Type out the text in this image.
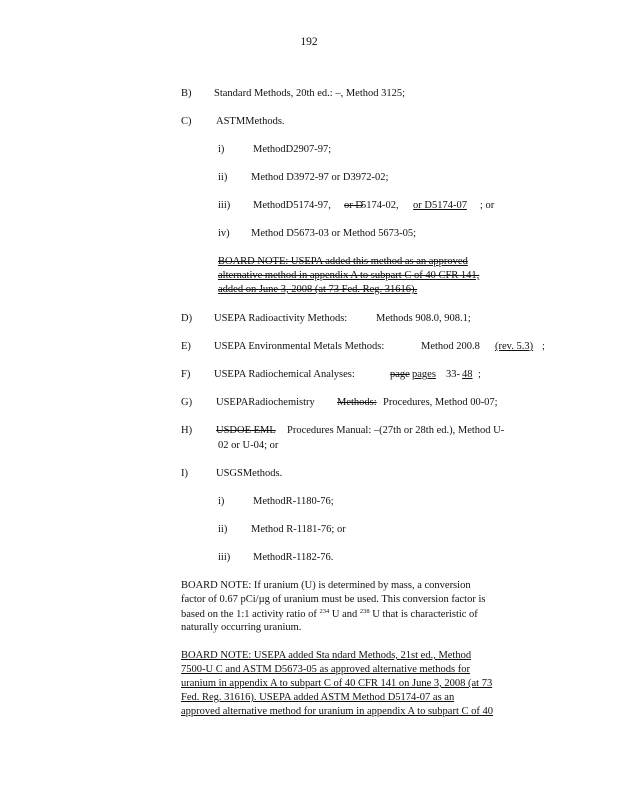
192
B) Standard Methods, 20th ed.: –, Method 3125;
C) ASTMMethods.
i)	MethodD2907-97;
ii) Method D3972-97 or D3972-02;
iii) MethodD5174-97, or D
5174-02, or D5174-07 ; or
iv) Method D5673-03 or Method 5673-05;
BOARD NOTE: USEPA added this method as an approved
alternative method in appendix A to subpart C of 40 CFR 141,
added on June 3, 2008 (at 73 Fed. Reg. 31616).
D) USEPA Radioactivity Methods:	Methods 908.0, 908.1;
E) USEPA Environmental Metals Methods:	Method 200.8 (rev. 5.3) ;
F) USEPA Radiochemical Analyses:	page pages 33- 48 ;
G) USEPARadiochemistry Methods: Procedures, Method 00-07;
H) USDOE EML Procedures Manual: –(27th or 28th ed.), Method U-
02 or U-04; or
I)	USGSMethods.
i)	MethodR-1180-76;
ii) Method R-1181-76; or
iii) MethodR-1182-76.
BOARD NOTE: If uranium (U) is determined by mass, a conversion
factor of 0.67 pCi/µg of uranium must be used. This conversion factor is
based on the 1:1 activity ratio of $^{234}$ U and $^{238}$ U that is characteristic of
naturally occurring uranium.
BOARD NOTE: USEPA added Sta ndard Methods, 21st ed., Method
7500-U C and ASTM D5673-05 as approved alternative methods for
uranium in appendix A to subpart C of 40 CFR 141 on June 3, 2008 (at 73
Fed. Reg. 31616). USEPA added ASTM Method D5174-07 as an
approved alternative method for uranium in appendix A to subpart C of 40
